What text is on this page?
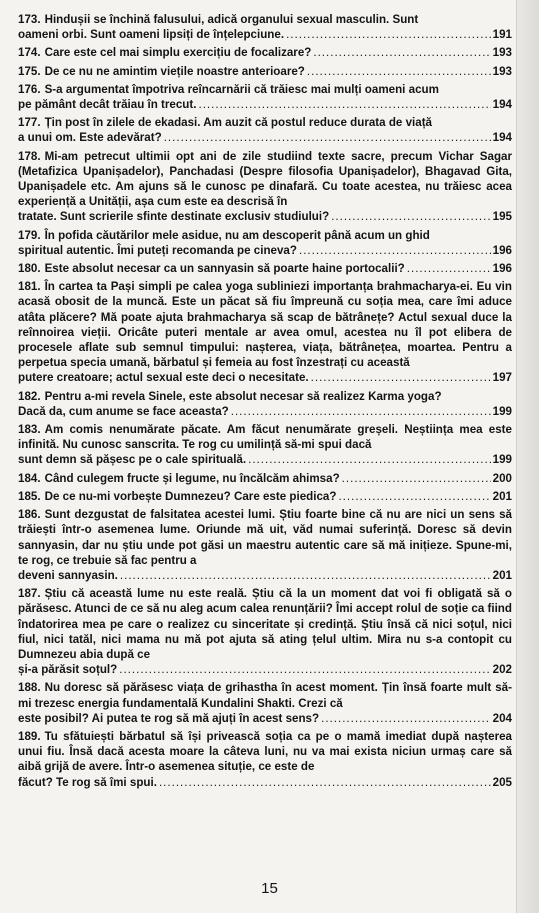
173. Hindușii se închină falusului, adică organului sexual masculin. Sunt
oameni orbi. Sunt oameni lipsiți de înțelepciune. .....	191
174. Care este cel mai simplu exercițiu de focalizare? .....	193
175. De ce nu ne amintim viețile noastre anterioare? .....	193
176. S-a argumentat împotriva reîncarnării că trăiesc mai mulți oameni acum
pe pământ decât trăiau în trecut. .....	194
177. Țin post în zilele de ekadasi. Am auzit că postul reduce durata de viață
a unui om. Este adevărat? .....	194
178. Mi-am petrecut ultimii opt ani de zile studiind texte sacre, precum Vichar Sagar (Metafizica Upanișadelor), Panchadasi (Despre filosofia Upanișadelor), Bhagavad Gita, Upanișadele etc. Am ajuns să le cunosc pe dinafară. Cu toate acestea, nu trăiesc acea experiență a Unității, așa cum este ea descrisă în
tratate. Sunt scrierile sfinte destinate exclusiv studiului? .....	195
179. În pofida căutărilor mele asidue, nu am descoperit până acum un ghid
spiritual autentic. Îmi puteți recomanda pe cineva? .....	196
180. Este absolut necesar ca un sannyasin să poarte haine portocalii? .....	196
181. În cartea ta Pași simpli pe calea yoga subliniezi importanța brahmacharya-ei. Eu vin acasă obosit de la muncă. Este un păcat să fiu împreună cu soția mea, care îmi aduce atâta plăcere? Mă poate ajuta brahmacharya să scap de bătrânețe? Actul sexual duce la reînnoirea vieții. Oricâte puteri mentale ar avea omul, acestea nu îl pot elibera de procesele aflate sub semnul timpului: nașterea, viața, bătrânețea, moartea. Pentru a perpetua specia umană, bărbatul și femeia au fost înzestrați cu această
putere creatoare; actul sexual este deci o necesitate. .....	197
182. Pentru a-mi revela Sinele, este absolut necesar să realizez Karma yoga?
Dacă da, cum anume se face aceasta? .....	199
183. Am comis nenumărate păcate. Am făcut nenumărate greșeli. Neștiința mea este infinită. Nu cunosc sanscrita. Te rog cu umilință să-mi spui dacă
sunt demn să pășesc pe o cale spirituală. .....	199
184. Când culegem fructe și legume, nu încălcăm ahimsa? .....	200
185. De ce nu-mi vorbește Dumnezeu? Care este piedica? .....	201
186. Sunt dezgustat de falsitatea acestei lumi. Știu foarte bine că nu are nici un sens să trăiești într-o asemenea lume. Oriunde mă uit, văd numai suferință. Doresc să devin sannyasin, dar nu știu unde pot găsi un maestru autentic care să mă inițieze. Spune-mi, te rog, ce trebuie să fac pentru a
deveni sannyasin. .....	201
187. Știu că această lume nu este reală. Știu că la un moment dat voi fi obligată să o părăsesc. Atunci de ce să nu aleg acum calea renunțării? Îmi accept rolul de soție ca fiind îndatorirea mea pe care o realizez cu sinceritate și credință. Știu însă că nici soțul, nici fiul, nici tatăl, nici mama nu mă pot ajuta să ating țelul ultim. Mira nu s-a contopit cu Dumnezeu abia după ce
și-a părăsit soțul? .....	202
188. Nu doresc să părăsesc viața de grihastha în acest moment. Țin însă foarte mult să-mi trezesc energia fundamentală Kundalini Shakti. Crezi că
este posibil? Ai putea te rog să mă ajuți în acest sens? .....	204
189. Tu sfătuiești bărbatul să își privească soția ca pe o mamă imediat după nașterea unui fiu. Însă dacă acesta moare la câteva luni, nu va mai exista niciun urmaș care să aibă grijă de avere. Într-o asemenea situție, ce este de
făcut? Te rog să îmi spui. .....	205
15
